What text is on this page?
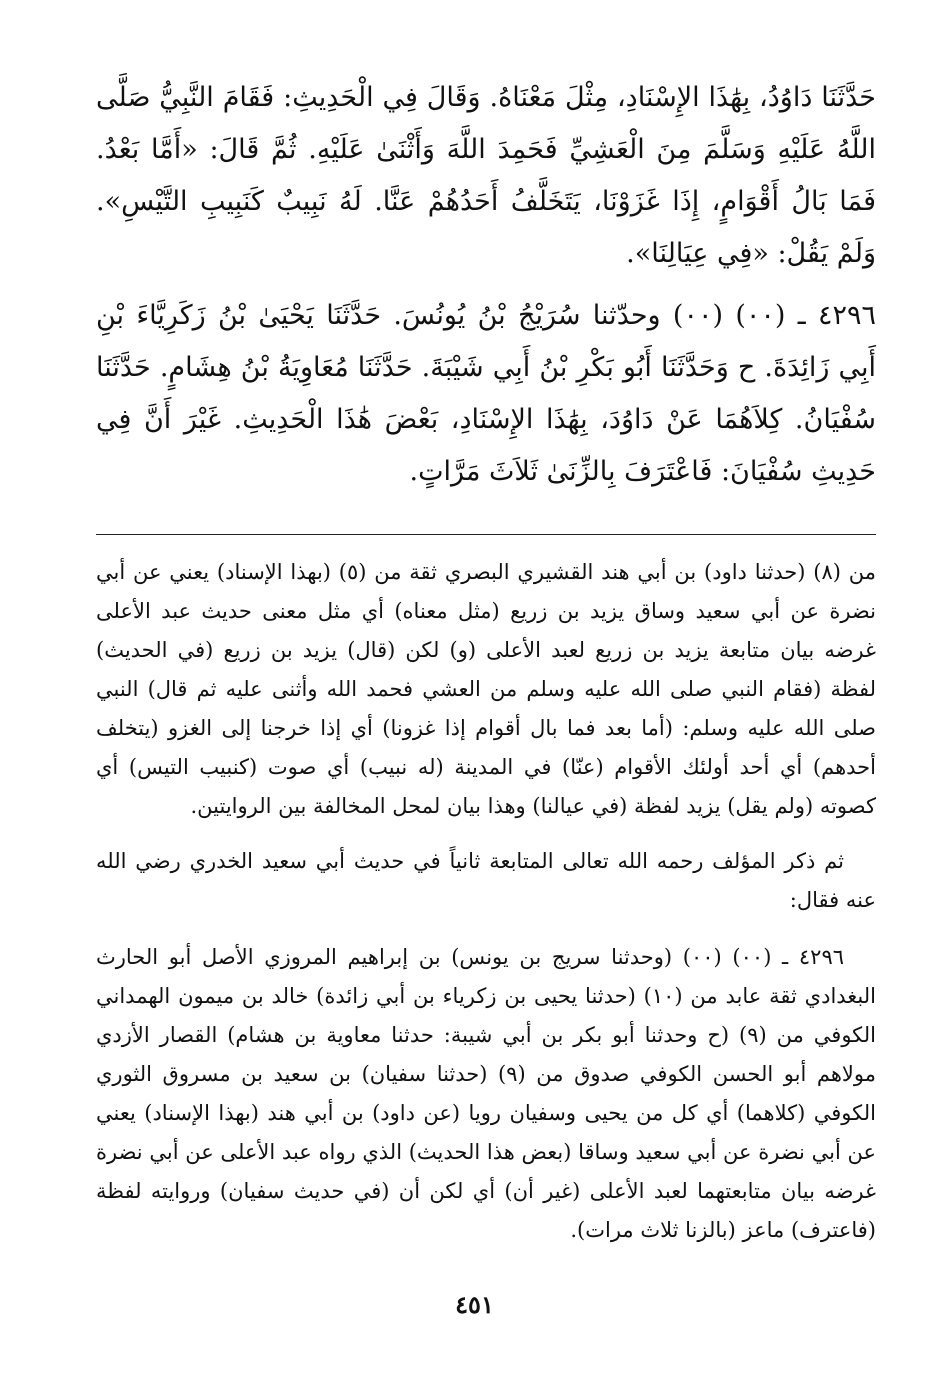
حَدَّثَنَا دَاوُدُ، بِهَٰذَا الإِسْنَادِ، مِثْلَ مَعْنَاهُ. وَقَالَ فِي الْحَدِيثِ: فَقَامَ النَّبِيُّ صَلَّى اللَّهُ عَلَيْهِ وَسَلَّمَ مِنَ الْعَشِيِّ فَحَمِدَ اللَّهَ وَأَثْنَىٰ عَلَيْهِ. ثُمَّ قَالَ: «أَمَّا بَعْدُ. فَمَا بَالُ أَقْوَامٍ، إِذَا غَزَوْنَا، يَتَخَلَّفُ أَحَدُهُمْ عَنَّا. لَهُ نَبِيبٌ كَنَبِيبِ التَّيْسِ». وَلَمْ يَقُلْ: «فِي عِيَالِنَا».

٤٢٩٦ ـ (٠٠) (٠٠) وحدّثنا سُرَيْجُ بْنُ يُونُسَ. حَدَّثَنَا يَحْيَىٰ بْنُ زَكَرِيَّاءَ بْنِ أَبِي زَائِدَةَ. ح وَحَدَّثَنَا أَبُو بَكْرِ بْنُ أَبِي شَيْبَةَ. حَدَّثَنَا مُعَاوِيَةُ بْنُ هِشَامٍ. حَدَّثَنَا سُفْيَانُ. كِلاَهُمَا عَنْ دَاوُدَ، بِهَٰذَا الإِسْنَادِ، بَعْضَ هَٰذَا الْحَدِيثِ. غَيْرَ أَنَّ فِي حَدِيثِ سُفْيَانَ: فَاعْتَرَفَ بِالزِّنَىٰ ثَلاَثَ مَرَّاتٍ.

من (٨) (حدثنا داود) بن أبي هند القشيري البصري ثقة من (٥) (بهذا الإسناد) يعني عن أبي نضرة عن أبي سعيد وساق يزيد بن زريع (مثل معناه) أي مثل معنى حديث عبد الأعلى غرضه بيان متابعة يزيد بن زريع لعبد الأعلى (و) لكن (قال) يزيد بن زريع (في الحديث) لفظة (فقام النبي صلى الله عليه وسلم من العشي فحمد الله وأثنى عليه ثم قال) النبي صلى الله عليه وسلم: (أما بعد فما بال أقوام إذا غزونا) أي إذا خرجنا إلى الغزو (يتخلف أحدهم) أي أحد أولئك الأقوام (عنّا) في المدينة (له نبيب) أي صوت (كنبيب التيس) أي كصوته (ولم يقل) يزيد لفظة (في عيالنا) وهذا بيان لمحل المخالفة بين الروايتين.

ثم ذكر المؤلف رحمه الله تعالى المتابعة ثانياً في حديث أبي سعيد الخدري رضي الله عنه فقال:

٤٢٩٦ ـ (٠٠) (٠٠) (وحدثنا سريج بن يونس) بن إبراهيم المروزي الأصل أبو الحارث البغدادي ثقة عابد من (١٠) (حدثنا يحيى بن زكرياء بن أبي زائدة) خالد بن ميمون الهمداني الكوفي من (٩) (ح وحدثنا أبو بكر بن أبي شيبة: حدثنا معاوية بن هشام) القصار الأزدي مولاهم أبو الحسن الكوفي صدوق من (٩) (حدثنا سفيان) بن سعيد بن مسروق الثوري الكوفي (كلاهما) أي كل من يحيى وسفيان رويا (عن داود) بن أبي هند (بهذا الإسناد) يعني عن أبي نضرة عن أبي سعيد وساقا (بعض هذا الحديث) الذي رواه عبد الأعلى عن أبي نضرة غرضه بيان متابعتهما لعبد الأعلى (غير أن) أي لكن أن (في حديث سفيان) وروايته لفظة (فاعترف) ماعز (بالزنا ثلاث مرات).

٤٥١
